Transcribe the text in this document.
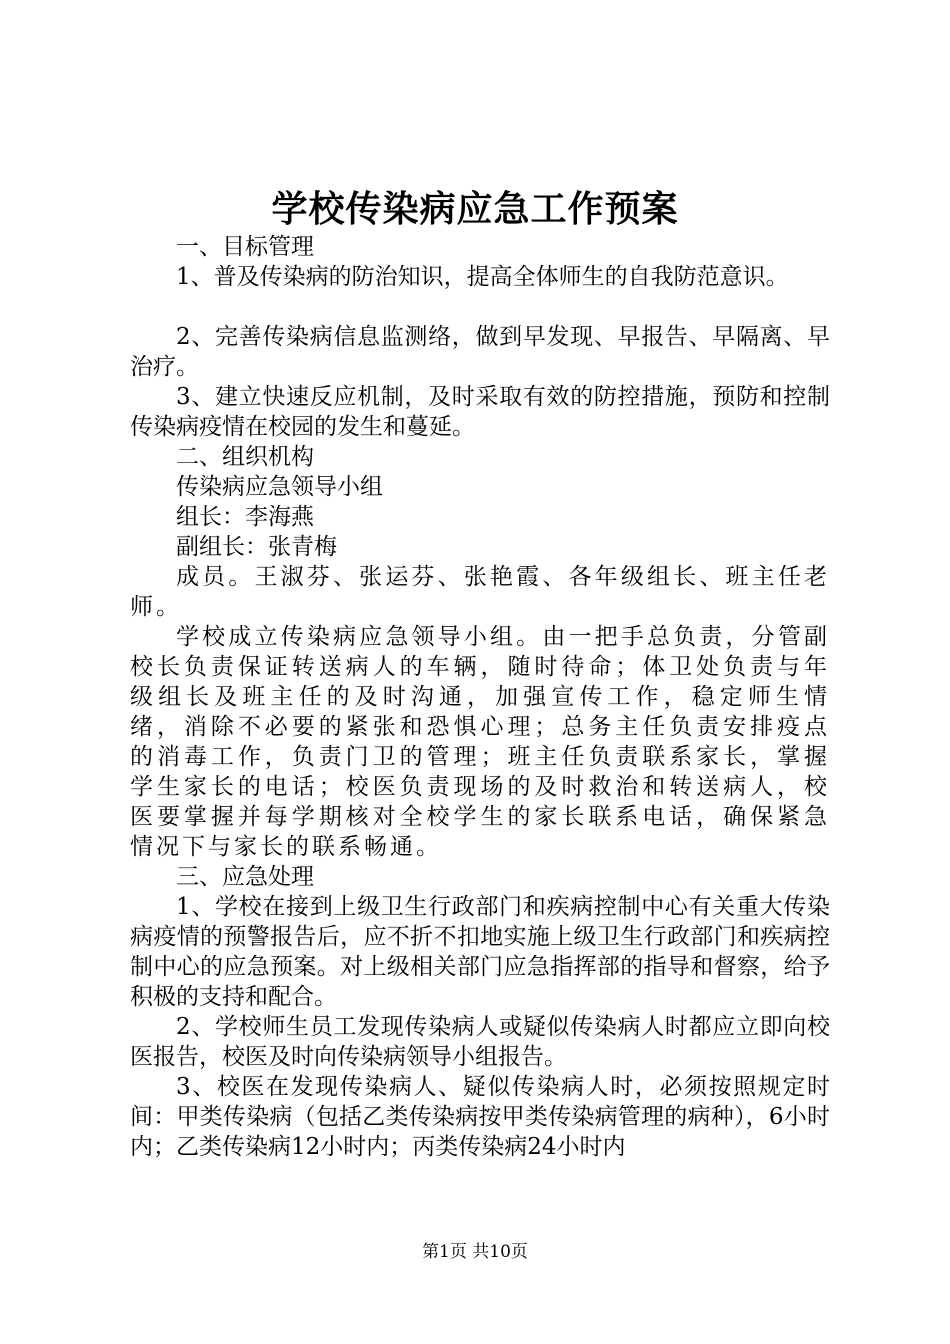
学校传染病应急工作预案

一、目标管理

1、普及传染病的防治知识，提高全体师生的自我防范意识。

2、完善传染病信息监测络，做到早发现、早报告、早隔离、早治疗。

3、建立快速反应机制，及时采取有效的防控措施，预防和控制传染病疫情在校园的发生和蔓延。

二、组织机构

传染病应急领导小组

组长：李海燕

副组长：张青梅

成员。王淑芬、张运芬、张艳霞、各年级组长、班主任老师。

学校成立传染病应急领导小组。由一把手总负责，分管副校长负责保证转送病人的车辆，随时待命；体卫处负责与年级组长及班主任的及时沟通，加强宣传工作，稳定师生情绪，消除不必要的紧张和恐惧心理；总务主任负责安排疫点的消毒工作，负责门卫的管理；班主任负责联系家长，掌握学生家长的电话；校医负责现场的及时救治和转送病人，校医要掌握并每学期核对全校学生的家长联系电话，确保紧急情况下与家长的联系畅通。

三、应急处理

1、学校在接到上级卫生行政部门和疾病控制中心有关重大传染病疫情的预警报告后，应不折不扣地实施上级卫生行政部门和疾病控制中心的应急预案。对上级相关部门应急指挥部的指导和督察，给予积极的支持和配合。

2、学校师生员工发现传染病人或疑似传染病人时都应立即向校医报告，校医及时向传染病领导小组报告。

3、校医在发现传染病人、疑似传染病人时，必须按照规定时间：甲类传染病（包括乙类传染病按甲类传染病管理的病种），6小时内；乙类传染病12小时内；丙类传染病24小时内

第1页 共10页
